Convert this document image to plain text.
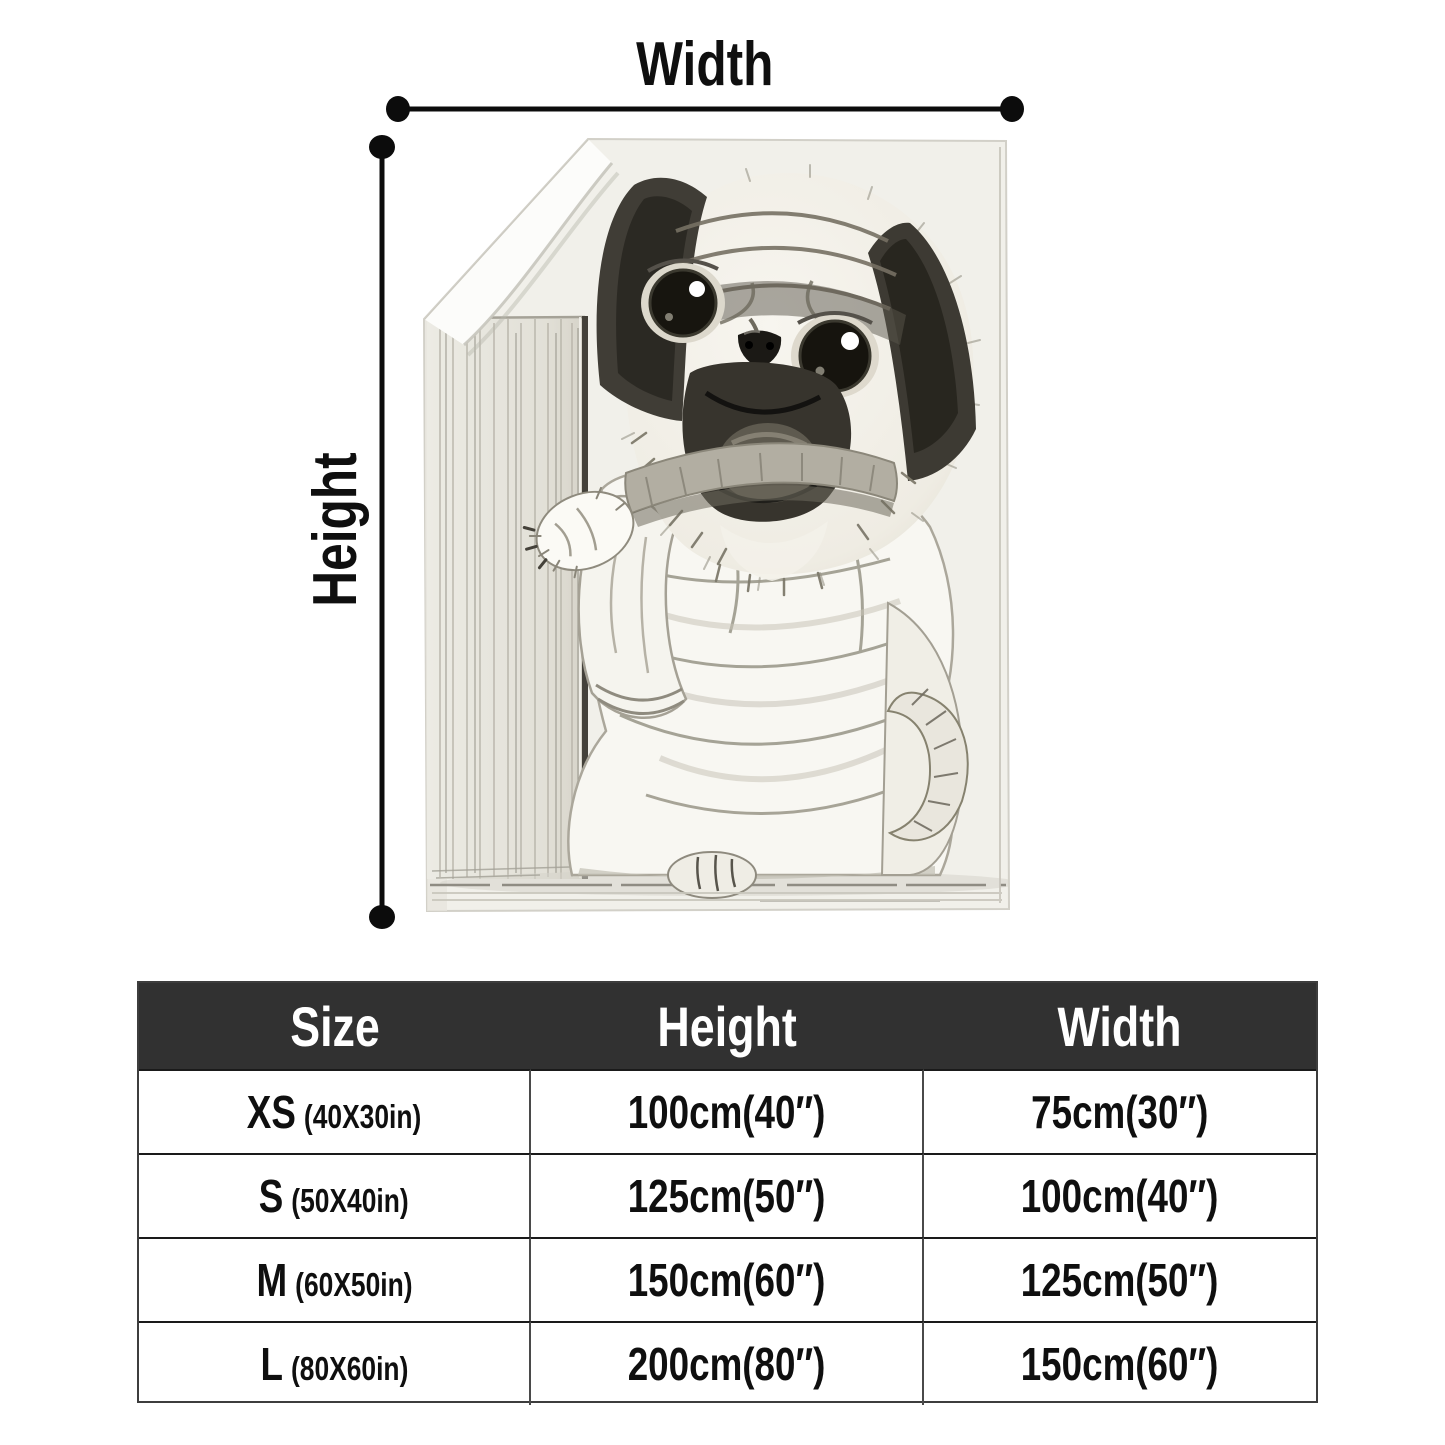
Width
Height
Size	Height	Width
XS (40X30in)	100cm(40″)	75cm(30″)
S (50X40in)	125cm(50″)	100cm(40″)
M (60X50in)	150cm(60″)	125cm(50″)
L (80X60in)	200cm(80″)	150cm(60″)
